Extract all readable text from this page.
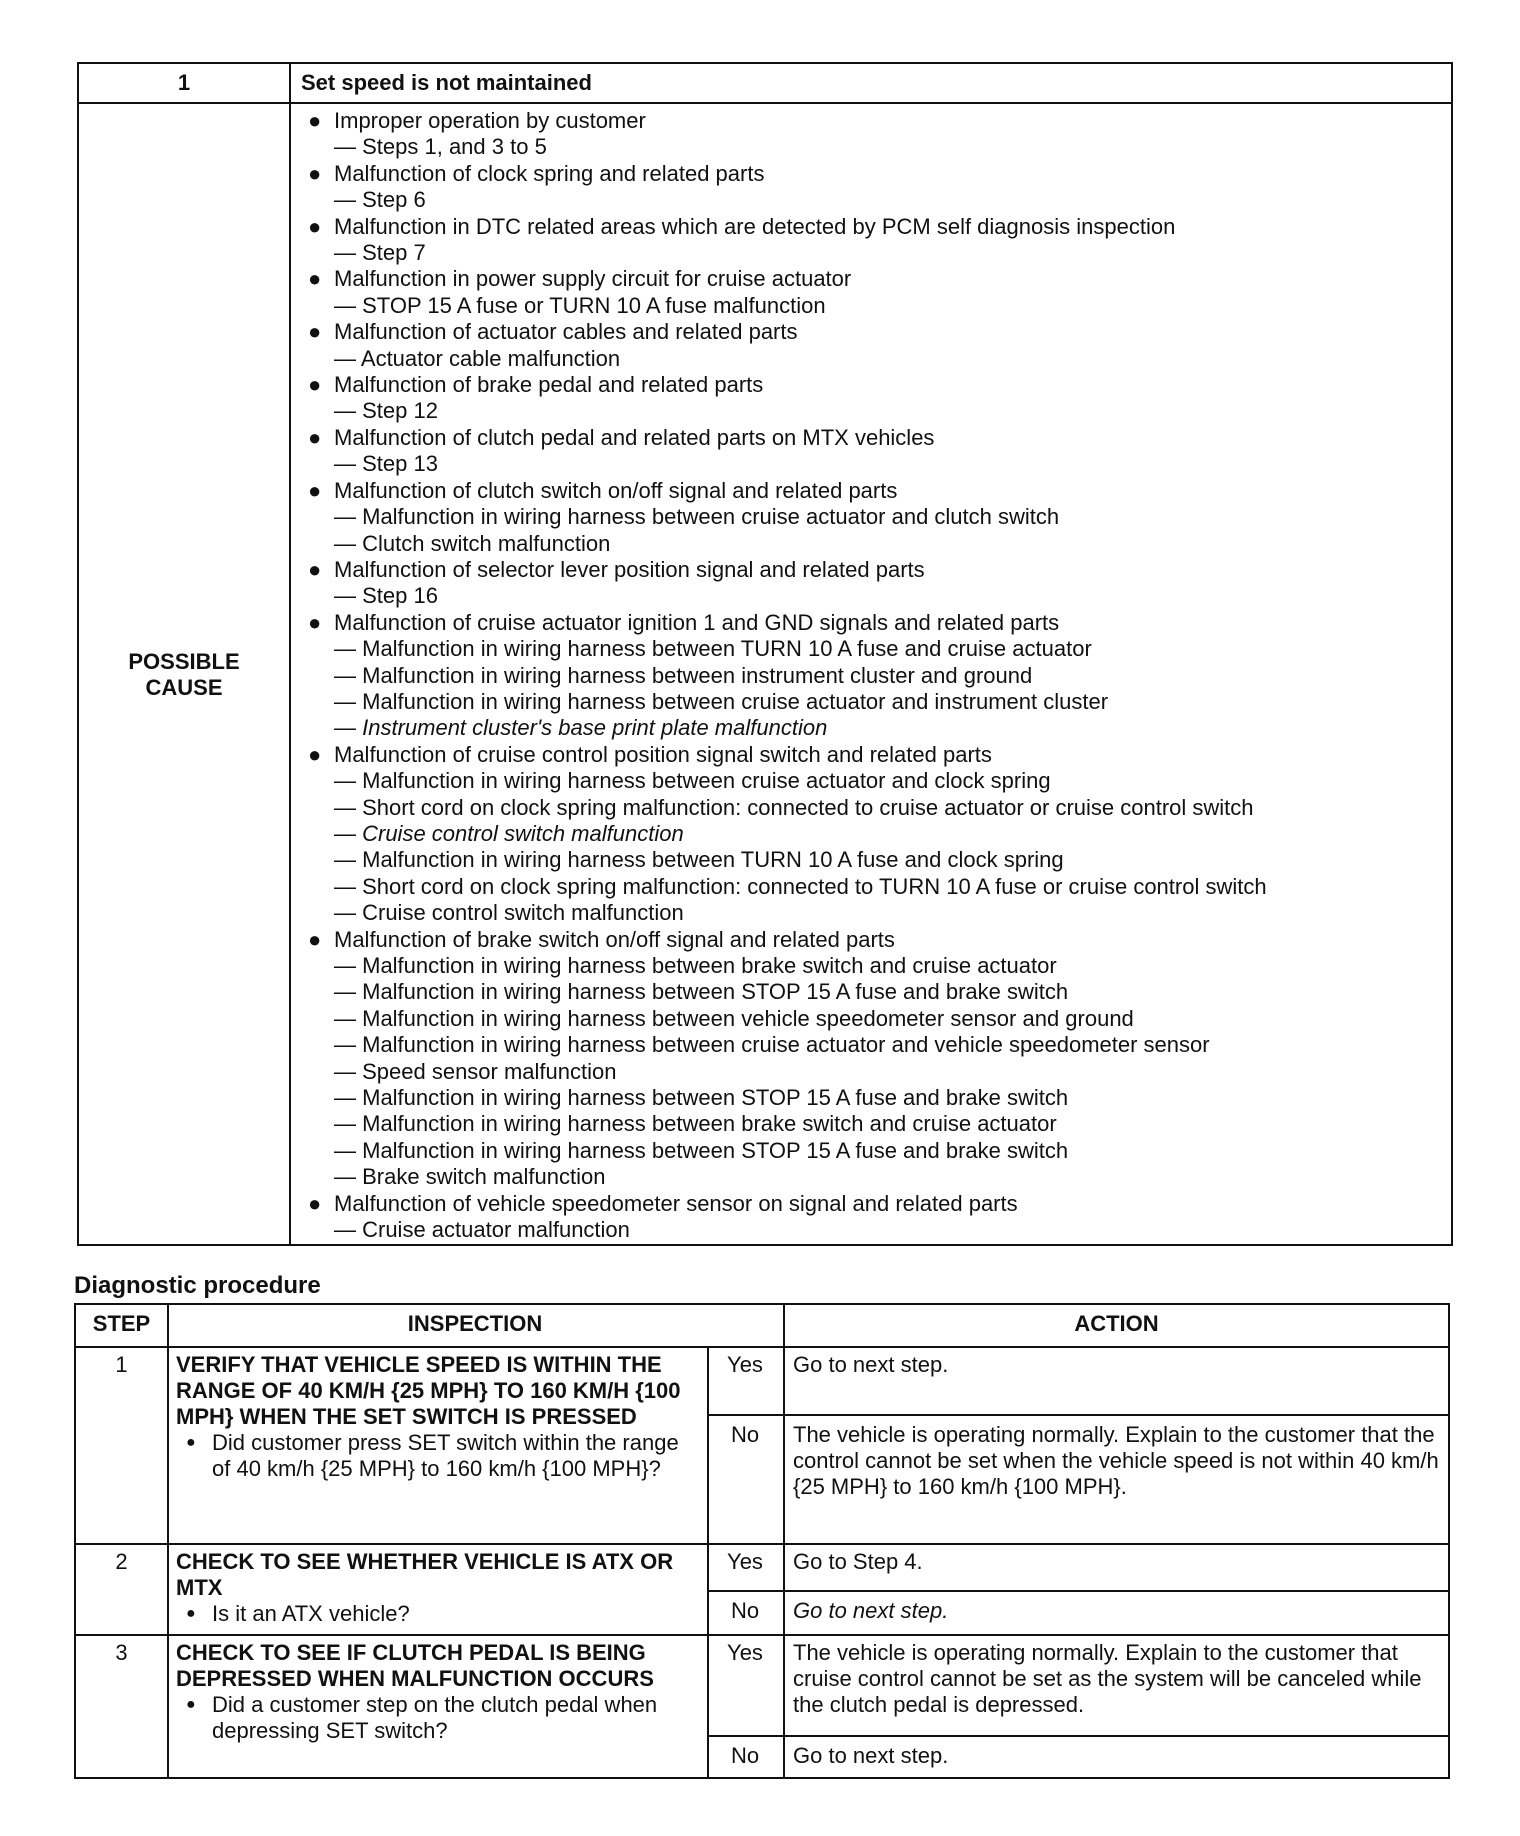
1	Set speed is not maintained
POSSIBLE CAUSE
● Improper operation by customer
— Steps 1, and 3 to 5
● Malfunction of clock spring and related parts
— Step 6
● Malfunction in DTC related areas which are detected by PCM self diagnosis inspection
— Step 7
● Malfunction in power supply circuit for cruise actuator
— STOP 15 A fuse or TURN 10 A fuse malfunction
● Malfunction of actuator cables and related parts
— Actuator cable malfunction
● Malfunction of brake pedal and related parts
— Step 12
● Malfunction of clutch pedal and related parts on MTX vehicles
— Step 13
● Malfunction of clutch switch on/off signal and related parts
— Malfunction in wiring harness between cruise actuator and clutch switch
— Clutch switch malfunction
● Malfunction of selector lever position signal and related parts
— Step 16
● Malfunction of cruise actuator ignition 1 and GND signals and related parts
— Malfunction in wiring harness between TURN 10 A fuse and cruise actuator
— Malfunction in wiring harness between instrument cluster and ground
— Malfunction in wiring harness between cruise actuator and instrument cluster
— Instrument cluster's base print plate malfunction
● Malfunction of cruise control position signal switch and related parts
— Malfunction in wiring harness between cruise actuator and clock spring
— Short cord on clock spring malfunction: connected to cruise actuator or cruise control switch
— Cruise control switch malfunction
— Malfunction in wiring harness between TURN 10 A fuse and clock spring
— Short cord on clock spring malfunction: connected to TURN 10 A fuse or cruise control switch
— Cruise control switch malfunction
● Malfunction of brake switch on/off signal and related parts
— Malfunction in wiring harness between brake switch and cruise actuator
— Malfunction in wiring harness between STOP 15 A fuse and brake switch
— Malfunction in wiring harness between vehicle speedometer sensor and ground
— Malfunction in wiring harness between cruise actuator and vehicle speedometer sensor
— Speed sensor malfunction
— Malfunction in wiring harness between STOP 15 A fuse and brake switch
— Malfunction in wiring harness between brake switch and cruise actuator
— Malfunction in wiring harness between STOP 15 A fuse and brake switch
— Brake switch malfunction
● Malfunction of vehicle speedometer sensor on signal and related parts
— Cruise actuator malfunction
Diagnostic procedure
STEP	INSPECTION	ACTION
1	VERIFY THAT VEHICLE SPEED IS WITHIN THE RANGE OF 40 KM/H {25 MPH} TO 160 KM/H {100 MPH} WHEN THE SET SWITCH IS PRESSED
● Did customer press SET switch within the range of 40 km/h {25 MPH} to 160 km/h {100 MPH}?
Yes	Go to next step.
No	The vehicle is operating normally. Explain to the customer that the control cannot be set when the vehicle speed is not within 40 km/h {25 MPH} to 160 km/h {100 MPH}.
2	CHECK TO SEE WHETHER VEHICLE IS ATX OR MTX
● Is it an ATX vehicle?
Yes	Go to Step 4.
No	Go to next step.
3	CHECK TO SEE IF CLUTCH PEDAL IS BEING DEPRESSED WHEN MALFUNCTION OCCURS
● Did a customer step on the clutch pedal when depressing SET switch?
Yes	The vehicle is operating normally. Explain to the customer that cruise control cannot be set as the system will be canceled while the clutch pedal is depressed.
No	Go to next step.
